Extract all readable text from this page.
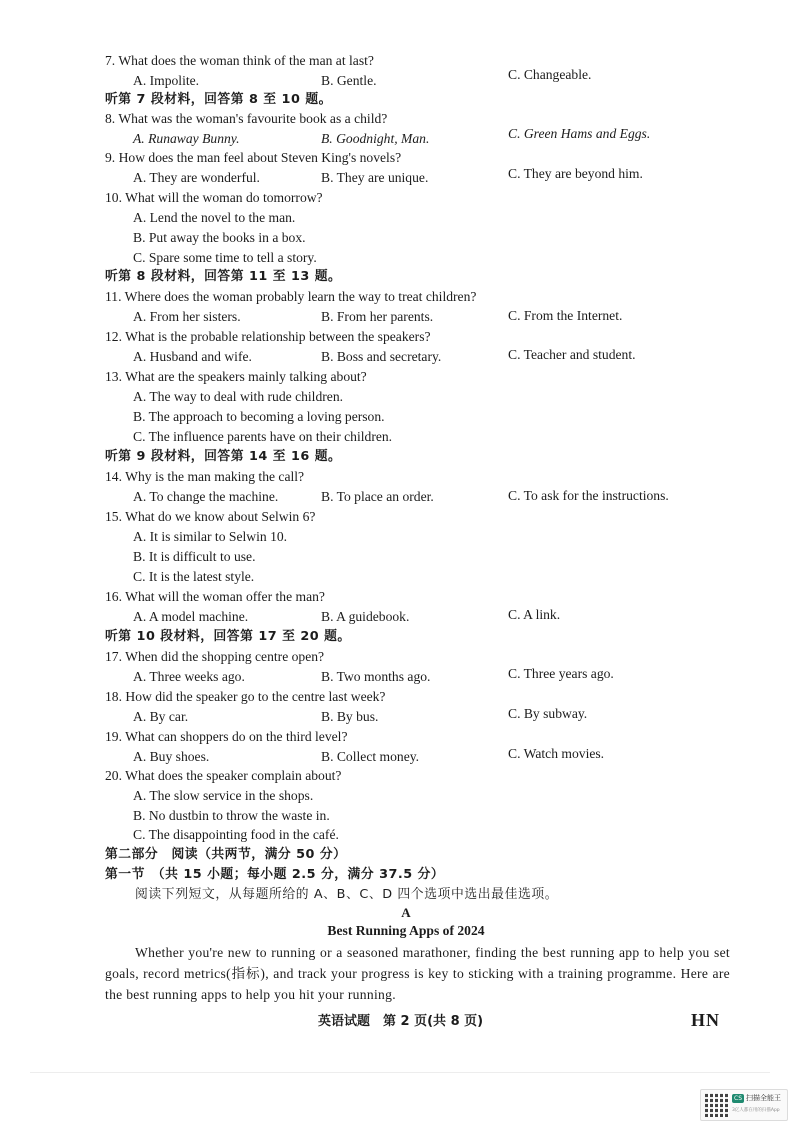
7. What does the woman think of the man at last?
A. Impolite.	B. Gentle.	C. Changeable.
听第 7 段材料，回答第 8 至 10 题。
8. What was the woman's favourite book as a child?
A. Runaway Bunny.	B. Goodnight, Man.	C. Green Hams and Eggs.
9. How does the man feel about Steven King's novels?
A. They are wonderful.	B. They are unique.	C. They are beyond him.
10. What will the woman do tomorrow?
A. Lend the novel to the man.
B. Put away the books in a box.
C. Spare some time to tell a story.
听第 8 段材料，回答第 11 至 13 题。
11. Where does the woman probably learn the way to treat children?
A. From her sisters.	B. From her parents.	C. From the Internet.
12. What is the probable relationship between the speakers?
A. Husband and wife.	B. Boss and secretary.	C. Teacher and student.
13. What are the speakers mainly talking about?
A. The way to deal with rude children.
B. The approach to becoming a loving person.
C. The influence parents have on their children.
听第 9 段材料，回答第 14 至 16 题。
14. Why is the man making the call?
A. To change the machine.	B. To place an order.	C. To ask for the instructions.
15. What do we know about Selwin 6?
A. It is similar to Selwin 10.
B. It is difficult to use.
C. It is the latest style.
16. What will the woman offer the man?
A. A model machine.	B. A guidebook.	C. A link.
听第 10 段材料，回答第 17 至 20 题。
17. When did the shopping centre open?
A. Three weeks ago.	B. Two months ago.	C. Three years ago.
18. How did the speaker go to the centre last week?
A. By car.	B. By bus.	C. By subway.
19. What can shoppers do on the third level?
A. Buy shoes.	B. Collect money.	C. Watch movies.
20. What does the speaker complain about?
A. The slow service in the shops.
B. No dustbin to throw the waste in.
C. The disappointing food in the café.
第二部分　阅读（共两节，满分 50 分）
第一节　（共 15 小题；每小题 2.5 分，满分 37.5 分）
阅读下列短文，从每题所给的 A、B、C、D 四个选项中选出最佳选项。
A
Best Running Apps of 2024
Whether you're new to running or a seasoned marathoner, finding the best running app to help you set goals, record metrics(指标), and track your progress is key to sticking with a training programme. Here are the best running apps to help you hit your running.
英语试题　第 2 页(共 8 页)	HN
CS 扫描全能王
3亿人都在用的扫描App
